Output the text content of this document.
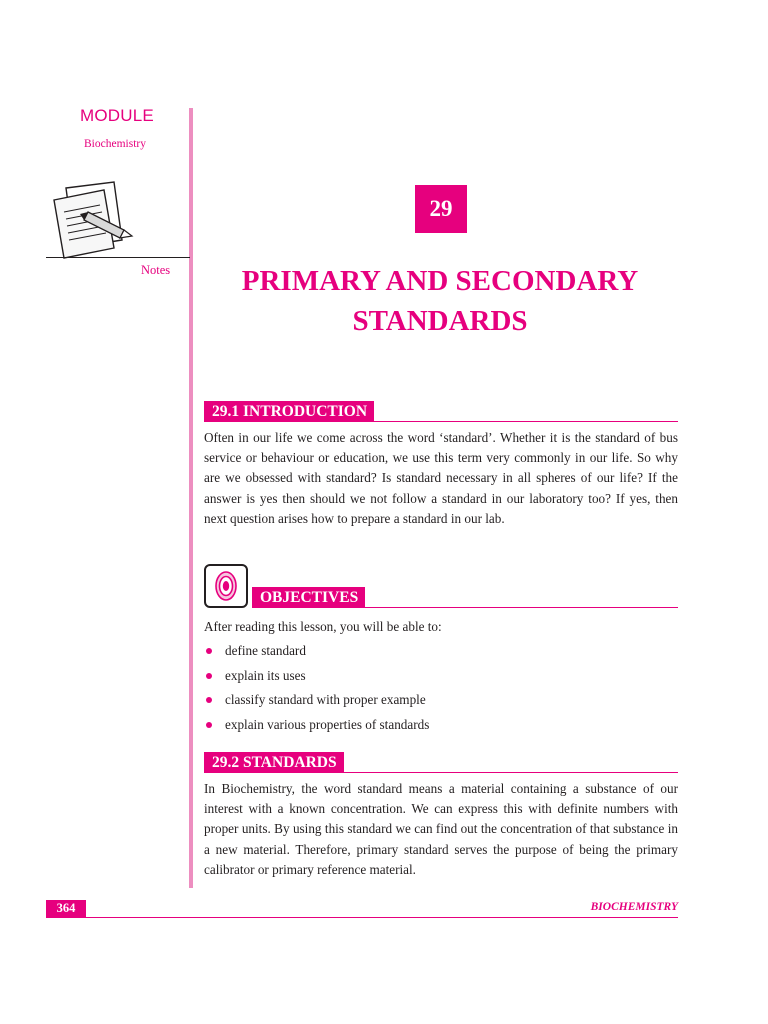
MODULE
Biochemistry
Notes
29
PRIMARY AND SECONDARY STANDARDS
29.1 INTRODUCTION

Often in our life we come across the word ‘standard’. Whether it is the standard of bus service or behaviour or education, we use this term very commonly in our life. So why are we obsessed with standard? Is standard necessary in all spheres of our life? If the answer is yes then should we not follow a standard in our laboratory too? If yes, then next question arises how to prepare a standard in our lab.

OBJECTIVES

After reading this lesson, you will be able to:

define standard
explain its uses
classify standard with proper example
explain various properties of standards
29.2 STANDARDS

In Biochemistry, the word standard means a material containing a substance of our interest with a known concentration. We can express this with definite numbers with proper units. By using this standard we can find out the concentration of that substance in a new material. Therefore, primary standard serves the purpose of being the primary calibrator or primary reference material.

364	BIOCHEMISTRY
